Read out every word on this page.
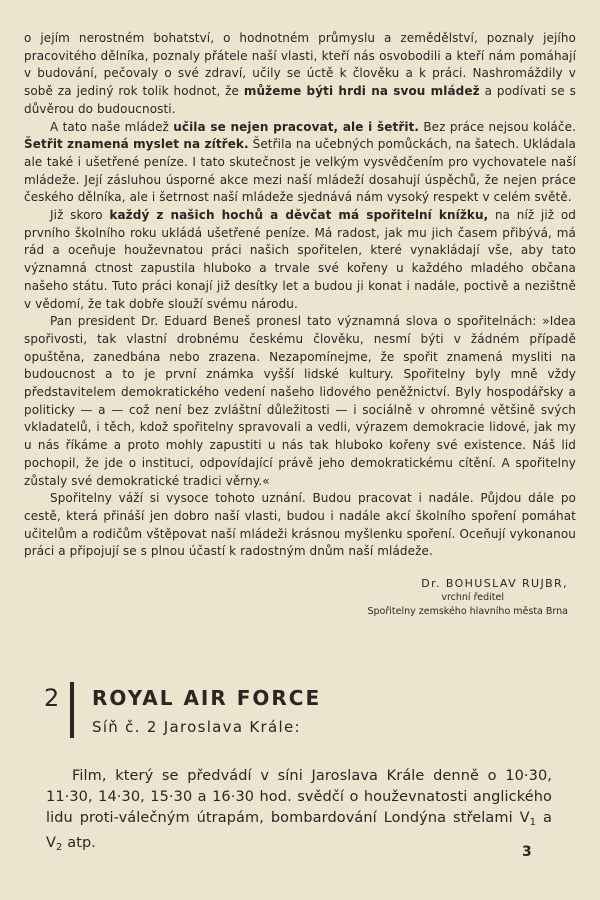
o jejím nerostném bohatství, o hodnotném průmyslu a zemědělství, poznaly jejího pracovitého dělníka, poznaly přátele naší vlasti, kteří nás osvobodili a kteří nám pomáhají v budování, pečovaly o své zdraví, učily se úctě k člověku a k práci. Nashromáždily v sobě za jediný rok tolik hodnot, že můžeme býti hrdi na svou mládež a podívati se s důvěrou do budoucnosti.

A tato naše mládež učila se nejen pracovat, ale i šetřit. Bez práce nejsou koláče. Šetřit znamená myslet na zítřek. Šetřila na učebných pomůckách, na šatech. Ukládala ale také i ušetřené peníze. I tato skutečnost je velkým vysvědčením pro vychovatele naší mládeže. Její zásluhou úsporné akce mezi naší mládeží dosahují úspěchů, že nejen práce českého dělníka, ale i šetrnost naší mládeže sjednává nám vysoký respekt v celém světě.

Již skoro každý z našich hochů a děvčat má spořitelní knížku, na níž již od prvního školního roku ukládá ušetřené peníze. Má radost, jak mu jich časem přibývá, má rád a oceňuje houževnatou práci našich spořitelen, které vynakládají vše, aby tato významná ctnost zapustila hluboko a trvale své kořeny u každého mladého občana našeho státu. Tuto práci konají již desítky let a budou ji konat i nadále, poctivě a nezištně v vědomí, že tak dobře slouží svému národu.

Pan president Dr. Eduard Beneš pronesl tato významná slova o spořitelnách: »Idea spořivosti, tak vlastní drobnému českému člověku, nesmí býti v žádném případě opuštěna, zanedbána nebo zrazena. Nezapomínejme, že spořit znamená mysliti na budoucnost a to je první známka vyšší lidské kultury. Spořitelny byly mně vždy představitelem demokratického vedení našeho lidového peněžnictví. Byly hospodářsky a politicky — a — což není bez zvláštní důležitosti — i sociálně v ohromné většině svých vkladatelů, i těch, kdož spořitelny spravovali a vedli, výrazem demokracie lidové, jak my u nás říkáme a proto mohly zapustiti u nás tak hluboko kořeny své existence. Náš lid pochopil, že jde o instituci, odpovídající právě jeho demokratickému cítění. A spořitelny zůstaly své demokratické tradici věrny.«

Spořitelny váží si vysoce tohoto uznání. Budou pracovat i nadále. Půjdou dále po cestě, která přináší jen dobro naší vlasti, budou i nadále akcí školního spoření pomáhat učitelům a rodičům vštěpovat naší mládeži krásnou myšlenku spoření. Oceňují vykonanou práci a připojují se s plnou účastí k radostným dnům naší mládeže.

Dr. BOHUSLAV RUJBR,
vrchní ředitel
Spořitelny zemského hlavního města Brna
2 ROYAL AIR FORCE
Síň č. 2 Jaroslava Krále:

Film, který se předvádí v síni Jaroslava Krále denně o 10·30, 11·30, 14·30, 15·30 a 16·30 hod. svědčí o houževnatosti anglického lidu proti-válečným útrapám, bombardování Londýna střelami $V_1$ a $V_2$ atp.

3
